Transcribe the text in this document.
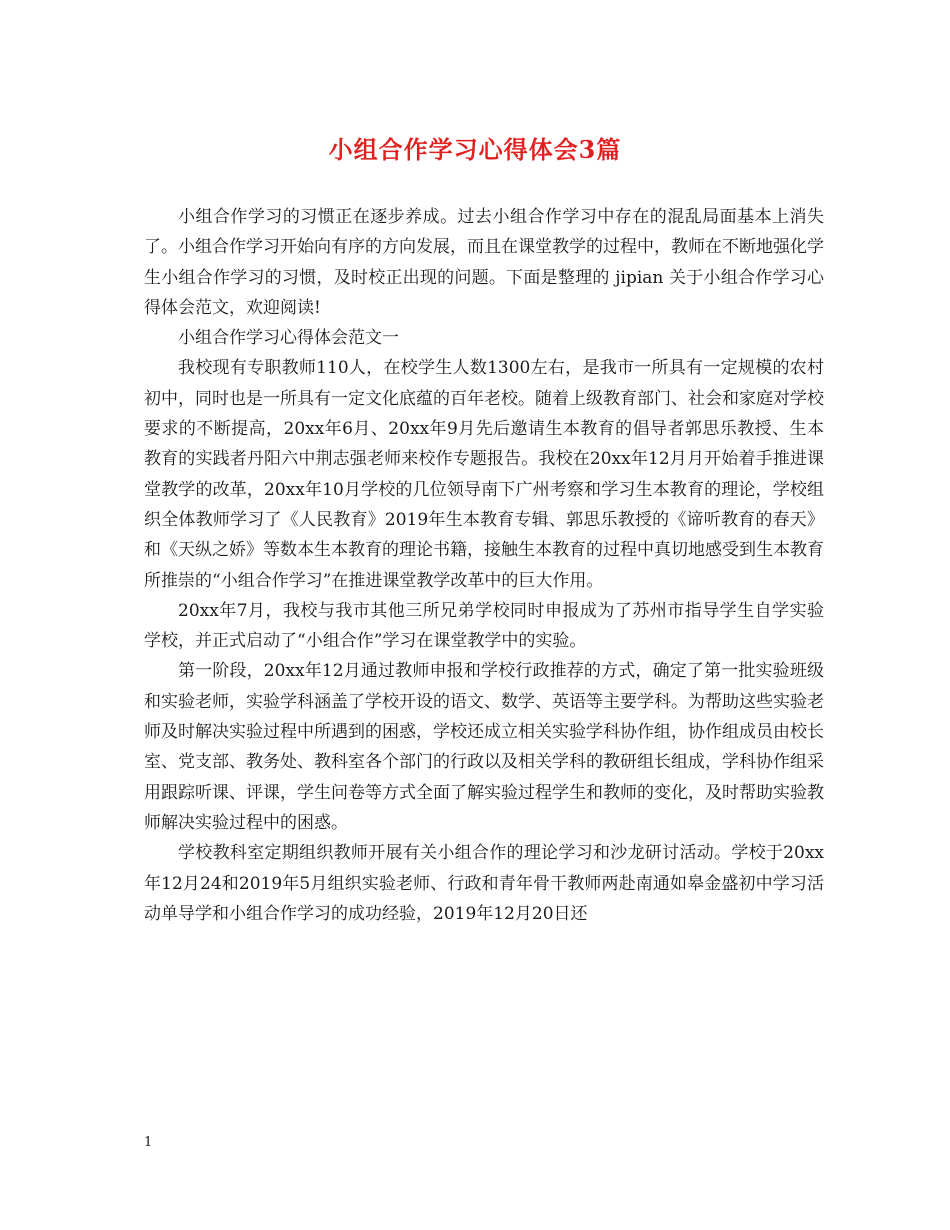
小组合作学习心得体会3篇

小组合作学习的习惯正在逐步养成。过去小组合作学习中存在的混乱局面基本上消失了。小组合作学习开始向有序的方向发展，而且在课堂教学的过程中，教师在不断地强化学生小组合作学习的习惯，及时校正出现的问题。下面是整理的 jipian 关于小组合作学习心得体会范文，欢迎阅读!

小组合作学习心得体会范文一

我校现有专职教师110人，在校学生人数1300左右，是我市一所具有一定规模的农村初中，同时也是一所具有一定文化底蕴的百年老校。随着上级教育部门、社会和家庭对学校要求的不断提高，20xx年6月、20xx年9月先后邀请生本教育的倡导者郭思乐教授、生本教育的实践者丹阳六中荆志强老师来校作专题报告。我校在20xx年12月月开始着手推进课堂教学的改革，20xx年10月学校的几位领导南下广州考察和学习生本教育的理论，学校组织全体教师学习了《人民教育》2019年生本教育专辑、郭思乐教授的《谛听教育的春天》和《天纵之娇》等数本生本教育的理论书籍，接触生本教育的过程中真切地感受到生本教育所推崇的“小组合作学习”在推进课堂教学改革中的巨大作用。

20xx年7月，我校与我市其他三所兄弟学校同时申报成为了苏州市指导学生自学实验学校，并正式启动了“小组合作”学习在课堂教学中的实验。

第一阶段，20xx年12月通过教师申报和学校行政推荐的方式，确定了第一批实验班级和实验老师，实验学科涵盖了学校开设的语文、数学、英语等主要学科。为帮助这些实验老师及时解决实验过程中所遇到的困惑，学校还成立相关实验学科协作组，协作组成员由校长室、党支部、教务处、教科室各个部门的行政以及相关学科的教研组长组成，学科协作组采用跟踪听课、评课，学生问卷等方式全面了解实验过程学生和教师的变化，及时帮助实验教师解决实验过程中的困惑。

学校教科室定期组织教师开展有关小组合作的理论学习和沙龙研讨活动。学校于20xx年12月24和2019年5月组织实验老师、行政和青年骨干教师两赴南通如皋金盛初中学习活动单导学和小组合作学习的成功经验，2019年12月20日还

1
